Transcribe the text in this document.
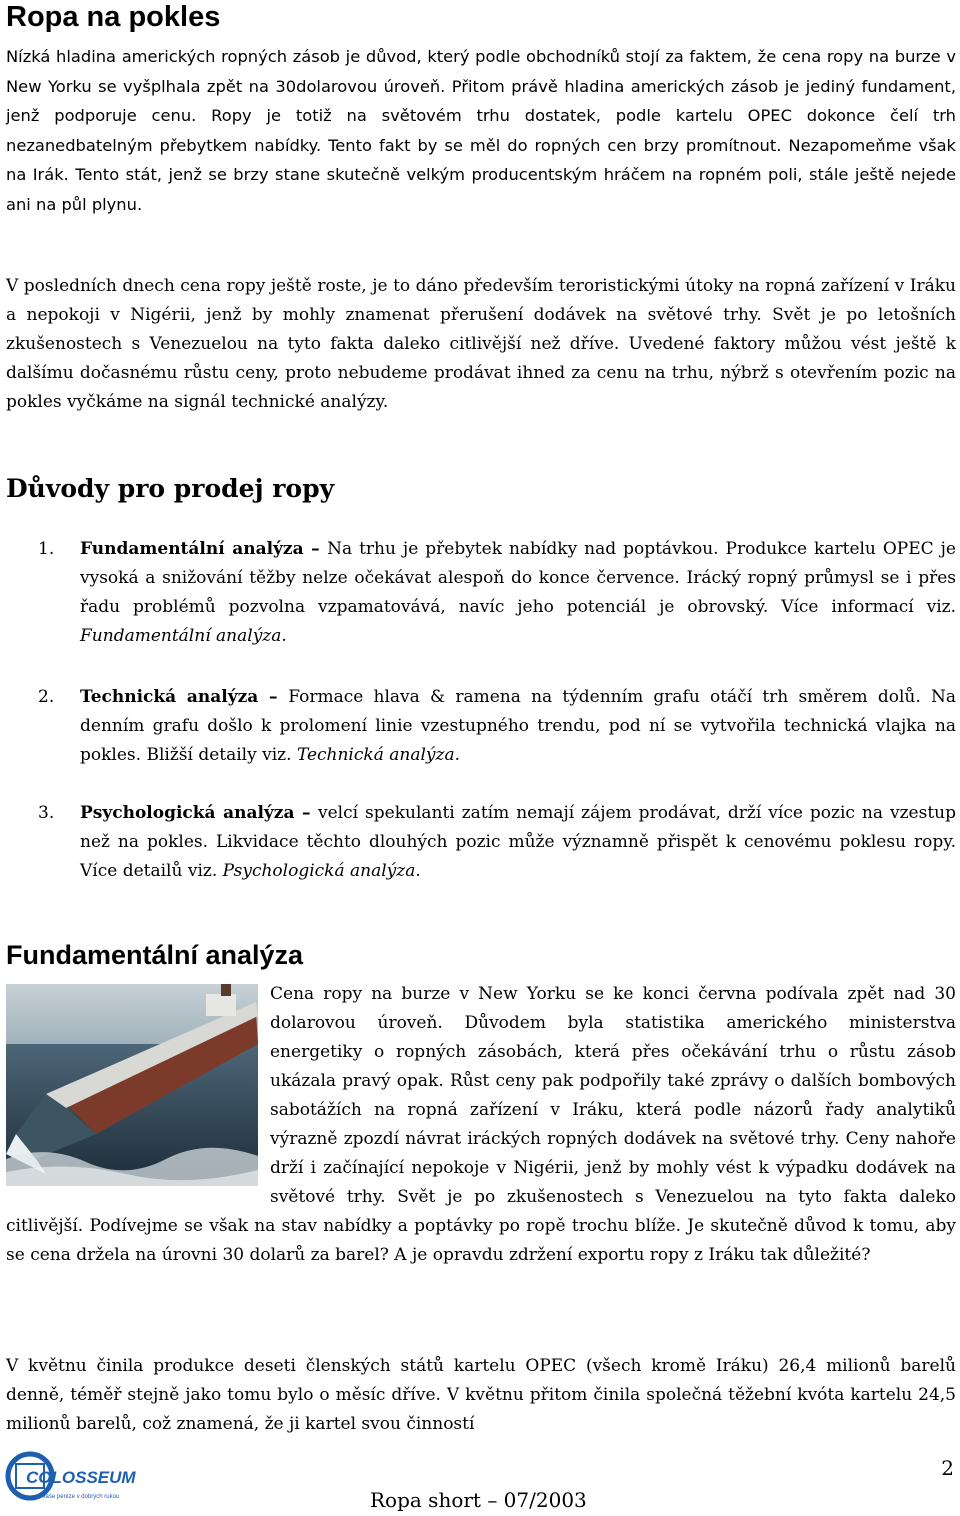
Ropa na pokles

Nízká hladina amerických ropných zásob je důvod, který podle obchodníků stojí za faktem, že cena ropy na burze v New Yorku se vyšplhala zpět na 30dolarovou úroveň. Přitom právě hladina amerických zásob je jediný fundament, jenž podporuje cenu. Ropy je totiž na světovém trhu dostatek, podle kartelu OPEC dokonce čelí trh nezanedbatelným přebytkem nabídky. Tento fakt by se měl do ropných cen brzy promítnout. Nezapomeňme však na Irák. Tento stát, jenž se brzy stane skutečně velkým producentským hráčem na ropném poli, stále ještě nejede ani na půl plynu.

V posledních dnech cena ropy ještě roste, je to dáno především teroristickými útoky na ropná zařízení v Iráku a nepokoji v Nigérii, jenž by mohly znamenat přerušení dodávek na světové trhy. Svět je po letošních zkušenostech s Venezuelou na tyto fakta daleko citlivější než dříve. Uvedené faktory můžou vést ještě k dalšímu dočasnému růstu ceny, proto nebudeme prodávat ihned za cenu na trhu, nýbrž s otevřením pozic na pokles vyčkáme na signál technické analýzy.

Důvody pro prodej ropy
1. Fundamentální analýza – Na trhu je přebytek nabídky nad poptávkou. Produkce kartelu OPEC je vysoká a snižování těžby nelze očekávat alespoň do konce července. Irácký ropný průmysl se i přes řadu problémů pozvolna vzpamatovává, navíc jeho potenciál je obrovský. Více informací viz. Fundamentální analýza.

2. Technická analýza – Formace hlava & ramena na týdenním grafu otáčí trh směrem dolů. Na denním grafu došlo k prolomení linie vzestupného trendu, pod ní se vytvořila technická vlajka na pokles. Bližší detaily viz. Technická analýza.

3. Psychologická analýza – velcí spekulanti zatím nemají zájem prodávat, drží více pozic na vzestup než na pokles. Likvidace těchto dlouhých pozic může významně přispět k cenovému poklesu ropy. Více detailů viz. Psychologická analýza.

Fundamentální analýza
Cena ropy na burze v New Yorku se ke konci června podívala zpět nad 30 dolarovou úroveň. Důvodem byla statistika amerického ministerstva energetiky o ropných zásobách, která přes očekávání trhu o růstu zásob ukázala pravý opak. Růst ceny pak podpořily také zprávy o dalších bombových sabotážích na ropná zařízení v Iráku, která podle názorů řady analytiků výrazně zpozdí návrat iráckých ropných dodávek na světové trhy. Ceny nahoře drží i začínající nepokoje v Nigérii, jenž by mohly vést k výpadku dodávek na světové trhy. Svět je po zkušenostech s Venezuelou na tyto fakta daleko citlivější. Podívejme se však na stav nabídky a poptávky po ropě trochu blíže. Je skutečně důvod k tomu, aby se cena držela na úrovni 30 dolarů za barel? A je opravdu zdržení exportu ropy z Iráku tak důležité?

V květnu činila produkce deseti členských států kartelu OPEC (všech kromě Iráku) 26,4 milionů barelů denně, téměř stejně jako tomu bylo o měsíc dříve. V květnu přitom činila společná těžební kvóta kartelu 24,5 milionů barelů, což znamená, že ji kartel svou činností

COLOSSEUM
Vaše peníze v dobrých rukou
2
Ropa short – 07/2003
